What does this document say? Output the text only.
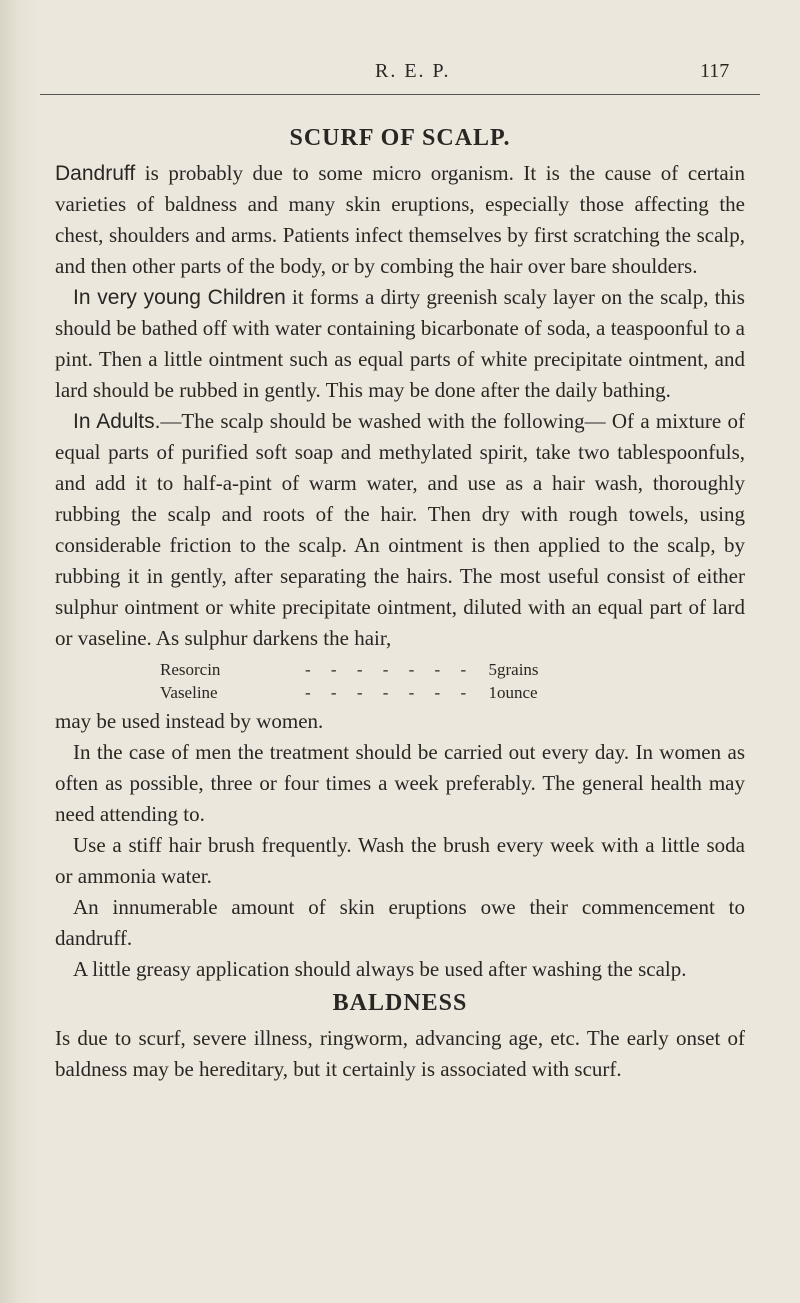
R. E. P.	117
SCURF OF SCALP.

Dandruff is probably due to some micro organism. It is the cause of certain varieties of baldness and many skin eruptions, especially those affecting the chest, shoulders and arms. Patients infect themselves by first scratching the scalp, and then other parts of the body, or by combing the hair over bare shoulders.

In very young Children it forms a dirty greenish scaly layer on the scalp, this should be bathed off with water containing bicarbonate of soda, a teaspoonful to a pint. Then a little ointment such as equal parts of white precipitate ointment, and lard should be rubbed in gently. This may be done after the daily bathing.

In Adults.—The scalp should be washed with the following— Of a mixture of equal parts of purified soft soap and methylated spirit, take two tablespoonfuls, and add it to half-a-pint of warm water, and use as a hair wash, thoroughly rubbing the scalp and roots of the hair. Then dry with rough towels, using considerable friction to the scalp. An ointment is then applied to the scalp, by rubbing it in gently, after separating the hairs. The most useful consist of either sulphur ointment or white precipitate ointment, diluted with an equal part of lard or vaseline. As sulphur darkens the hair,

Resorcin	- - - - - - -	5	grains
Vaseline	- - - - - - -	1	ounce

may be used instead by women.

In the case of men the treatment should be carried out every day. In women as often as possible, three or four times a week preferably. The general health may need attending to.

Use a stiff hair brush frequently. Wash the brush every week with a little soda or ammonia water.

An innumerable amount of skin eruptions owe their commencement to dandruff.

A little greasy application should always be used after washing the scalp.

BALDNESS

Is due to scurf, severe illness, ringworm, advancing age, etc. The early onset of baldness may be hereditary, but it certainly is associated with scurf.
